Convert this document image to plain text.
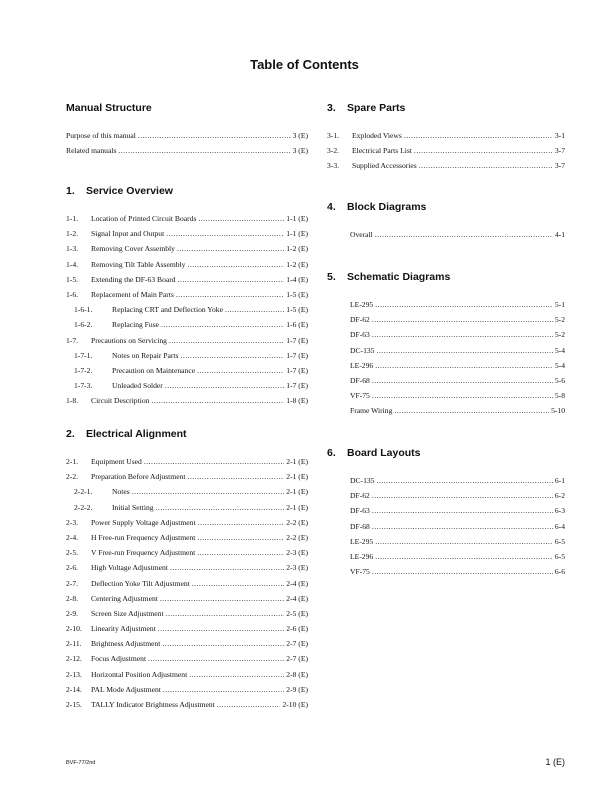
Table of Contents
Manual Structure
Purpose of this manual .....	3 (E)
Related manuals .....	3 (E)
1. Service Overview
1-1.	Location of Printed Circuit Boards .....	1-1 (E)
1-2.	Signal Input and Output .....	1-1 (E)
1-3.	Removing Cover Assembly .....	1-2 (E)
1-4.	Removing Tilt Table Assembly .....	1-2 (E)
1-5.	Extending the DF-63 Board .....	1-4 (E)
1-6.	Replacement of Main Parts .....	1-5 (E)
1-6-1.	Replacing CRT and Deflection Yoke .....	1-5 (E)
1-6-2.	Replacing Fuse .....	1-6 (E)
1-7.	Precautions on Servicing .....	1-7 (E)
1-7-1.	Notes on Repair Parts .....	1-7 (E)
1-7-2.	Precaution on Maintenance .....	1-7 (E)
1-7-3.	Unleaded Solder .....	1-7 (E)
1-8.	Circuit Description .....	1-8 (E)
2. Electrical Alignment
2-1.	Equipment Used .....	2-1 (E)
2-2.	Preparation Before Adjustment .....	2-1 (E)
2-2-1.	Notes .....	2-1 (E)
2-2-2.	Initial Setting .....	2-1 (E)
2-3.	Power Supply Voltage Adjustment .....	2-2 (E)
2-4.	H Free-run Frequency Adjustment .....	2-2 (E)
2-5.	V Free-run Frequency Adjustment .....	2-3 (E)
2-6.	High Voltage Adjustment .....	2-3 (E)
2-7.	Deflection Yoke Tilt Adjustment .....	2-4 (E)
2-8.	Centering Adjustment .....	2-4 (E)
2-9.	Screen Size Adjustment .....	2-5 (E)
2-10.	Linearity Adjustment .....	2-6 (E)
2-11.	Brightness Adjustment .....	2-7 (E)
2-12.	Focus Adjustment .....	2-7 (E)
2-13.	Horizontal Position Adjustment .....	2-8 (E)
2-14.	PAL Mode Adjustment .....	2-9 (E)
2-15.	TALLY Indicator Brightness Adjustment .....	2-10 (E)
3. Spare Parts
3-1.	Exploded Views .....	3-1
3-2.	Electrical Parts List .....	3-7
3-3.	Supplied Accessories .....	3-7
4. Block Diagrams
Overall .....	4-1
5. Schematic Diagrams
LE-295 .....	5-1
DF-62 .....	5-2
DF-63 .....	5-2
DC-135 .....	5-4
LE-296 .....	5-4
DF-68 .....	5-6
VF-75 .....	5-8
Frame Wiring .....	5-10
6. Board Layouts
DC-135 .....	6-1
DF-62 .....	6-2
DF-63 .....	6-3
DF-68 .....	6-4
LE-295 .....	6-5
LE-296 .....	6-5
VF-75 .....	6-6
BVF-77/2nd	1 (E)
